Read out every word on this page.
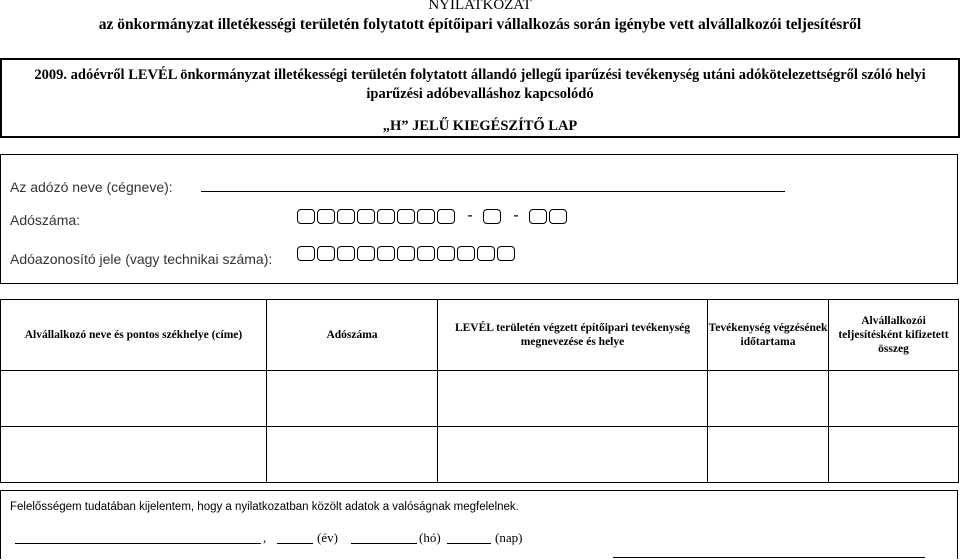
NYILATKOZAT
az önkormányzat illetékességi területén folytatott építőipari vállalkozás során igénybe vett alvállalkozói teljesítésről
2009. adóévről LEVÉL önkormányzat illetékességi területén folytatott állandó jellegű iparűzési tevékenység utáni adókötelezettségről szóló helyi
iparűzési adóbevalláshoz kapcsolódó
„H” JELŰ KIEGÉSZÍTŐ LAP
Az adózó neve (cégneve):
Adószáma:	-	-
Adóazonosító jele (vagy technikai száma):
Alvállalkozó neve és pontos székhelye (címe)	Adószáma	LEVÉL területén végzett építőipari tevékenység megnevezése és helye	Tevékenység végzésének időtartama	Alvállalkozói teljesítésként kifizetett összeg

Felelősségem tudatában kijelentem, hogy a nyilatkozatban közölt adatok a valóságnak megfelelnek.
,	(év)	(hó)	(nap)
